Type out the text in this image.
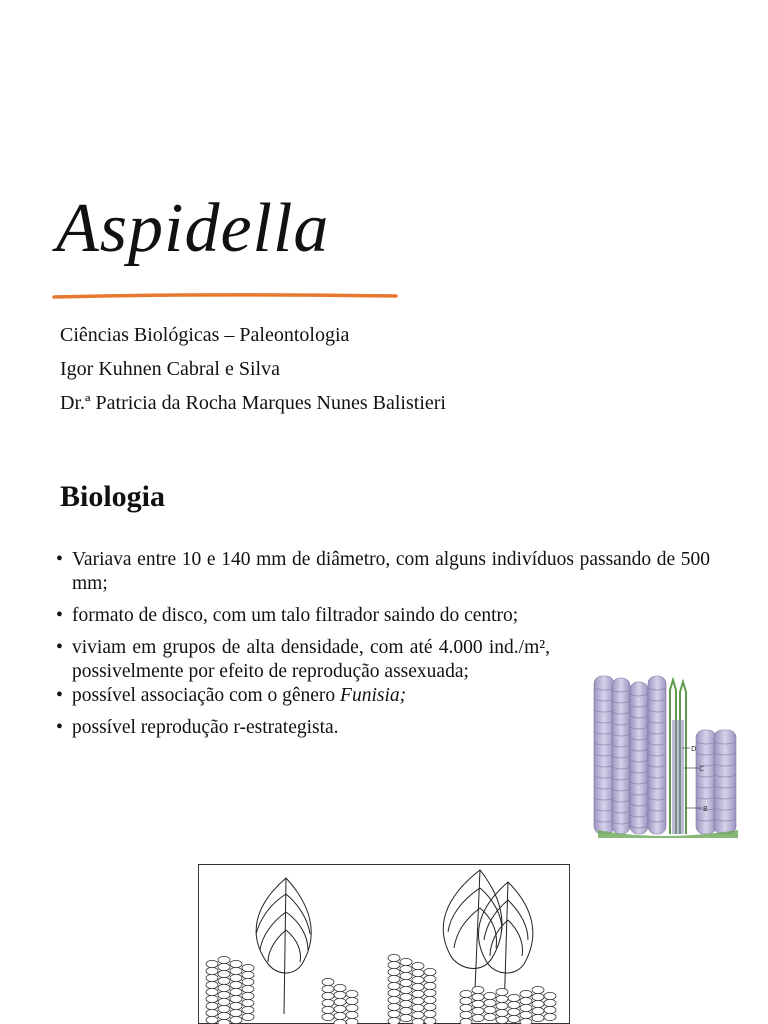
Aspidella
Ciências Biológicas – Paleontologia
Igor Kuhnen Cabral e Silva
Dr.ª Patricia da Rocha Marques Nunes Balistieri
Biologia
• Variava entre 10 e 140 mm de diâmetro, com alguns indivíduos passando de 500 mm;
• formato de disco, com um talo filtrador saindo do centro;
• viviam em grupos de alta densidade, com até 4.000 ind./m², possivelmente por efeito de reprodução assexuada;
• possível associação com o gênero Funisia;
• possível reprodução r-estrategista.
D
C
B
